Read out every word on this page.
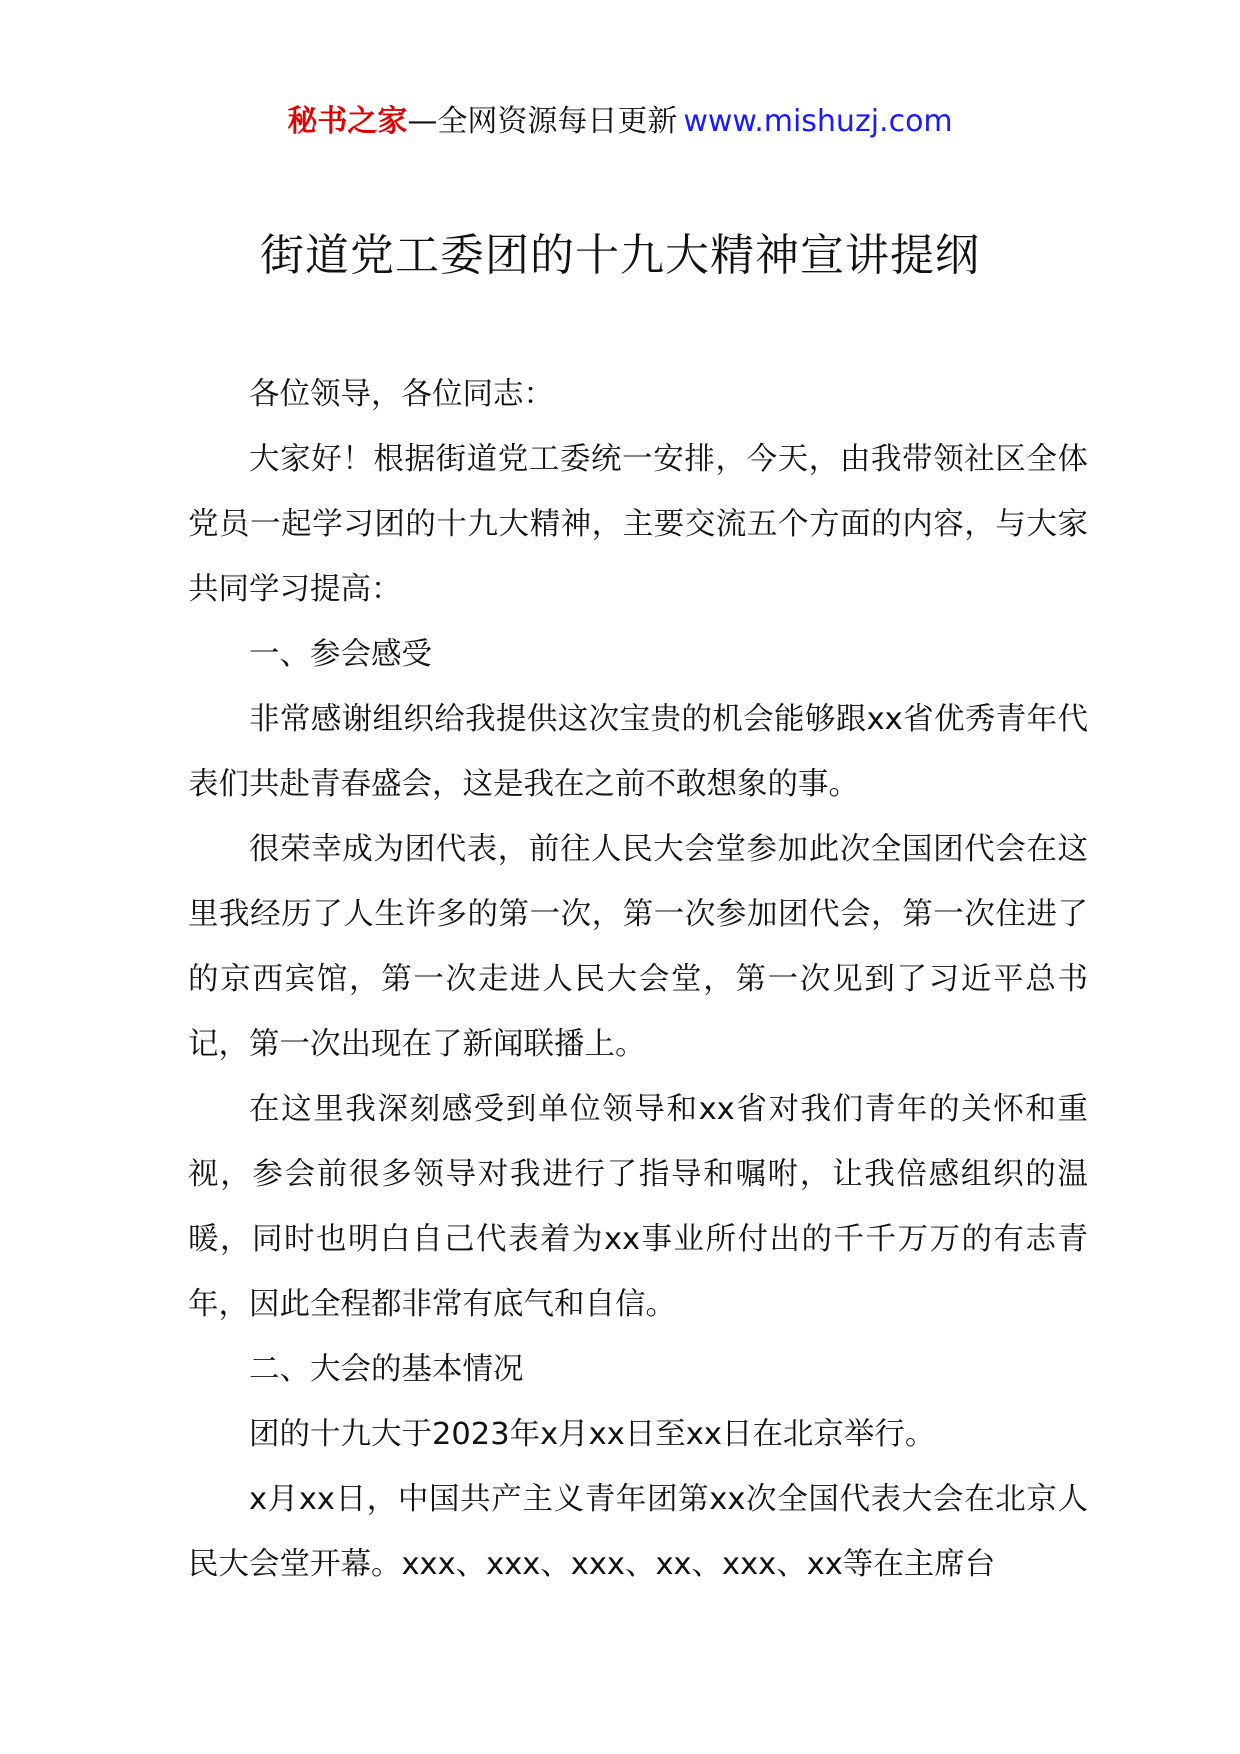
秘书之家—全网资源每日更新 www.mishuzj.com
街道党工委团的十九大精神宣讲提纲

各位领导，各位同志：

大家好！根据街道党工委统一安排，今天，由我带领社区全体党员一起学习团的十九大精神，主要交流五个方面的内容，与大家共同学习提高：

一、参会感受

非常感谢组织给我提供这次宝贵的机会能够跟xx省优秀青年代表们共赴青春盛会，这是我在之前不敢想象的事。

很荣幸成为团代表，前往人民大会堂参加此次全国团代会在这里我经历了人生许多的第一次，第一次参加团代会，第一次住进了的京西宾馆，第一次走进人民大会堂，第一次见到了习近平总书记，第一次出现在了新闻联播上。

在这里我深刻感受到单位领导和xx省对我们青年的关怀和重视，参会前很多领导对我进行了指导和嘱咐，让我倍感组织的温暖，同时也明白自己代表着为xx事业所付出的千千万万的有志青年，因此全程都非常有底气和自信。

二、大会的基本情况

团的十九大于2023年x月xx日至xx日在北京举行。

x月xx日，中国共产主义青年团第xx次全国代表大会在北京人民大会堂开幕。xxx、xxx、xxx、xx、xxx、xx等在主席台
